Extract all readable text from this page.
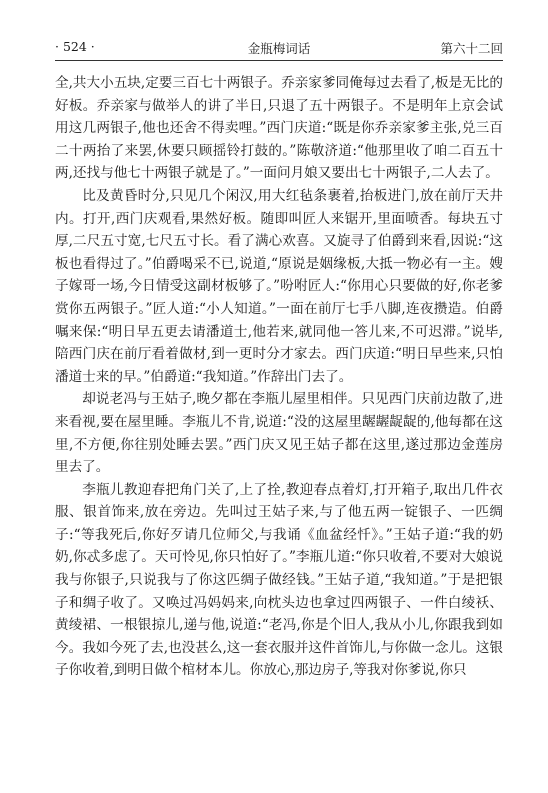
· 524 ·	金瓶梅词话	第六十二回

全,共大小五块,定要三百七十两银子。乔亲家爹同俺每过去看了,板是无比的好板。乔亲家与做举人的讲了半日,只退了五十两银子。不是明年上京会试用这几两银子,他也还舍不得卖哩。”西门庆道:“既是你乔亲家爹主张,兑三百二十两抬了来罢,休要只顾摇铃打鼓的。”陈敬济道:“他那里收了咱二百五十两,还找与他七十两银子就是了。”一面问月娘又要出七十两银子,二人去了。

比及黄昏时分,只见几个闲汉,用大红毡条裹着,抬板进门,放在前厅天井内。打开,西门庆观看,果然好板。随即叫匠人来锯开,里面喷香。每块五寸厚,二尺五寸宽,七尺五寸长。看了满心欢喜。又旋寻了伯爵到来看,因说:“这板也看得过了。”伯爵喝采不已,说道,“原说是姻缘板,大抵一物必有一主。嫂子嫁哥一场,今日情受这副材板够了。”吩咐匠人:“你用心只要做的好,你老爹赏你五两银子。”匠人道:“小人知道。”一面在前厅七手八脚,连夜攒造。伯爵嘱来保:“明日早五更去请潘道士,他若来,就同他一答儿来,不可迟滞。”说毕,陪西门庆在前厅看着做材,到一更时分才家去。西门庆道:“明日早些来,只怕潘道士来的早。”伯爵道:“我知道。”作辞出门去了。

却说老冯与王姑子,晚夕都在李瓶儿屋里相伴。只见西门庆前边散了,进来看视,要在屋里睡。李瓶儿不肯,说道:“没的这屋里龌龌龊龊的,他每都在这里,不方便,你往别处睡去罢。”西门庆又见王姑子都在这里,遂过那边金莲房里去了。

李瓶儿教迎春把角门关了,上了拴,教迎春点着灯,打开箱子,取出几件衣服、银首饰来,放在旁边。先叫过王姑子来,与了他五两一锭银子、一匹绸子:“等我死后,你好歹请几位师父,与我诵《血盆经忏》。”王姑子道:“我的奶奶,你忒多虑了。天可怜见,你只怕好了。”李瓶儿道:“你只收着,不要对大娘说我与你银子,只说我与了你这匹绸子做经钱。”王姑子道,“我知道。”于是把银子和绸子收了。又唤过冯妈妈来,向枕头边也拿过四两银子、一件白绫袄、黄绫裙、一根银掠儿,递与他,说道:“老冯,你是个旧人,我从小儿,你跟我到如今。我如今死了去,也没甚么,这一套衣服并这件首饰儿,与你做一念儿。这银子你收着,到明日做个棺材本儿。你放心,那边房子,等我对你爹说,你只
